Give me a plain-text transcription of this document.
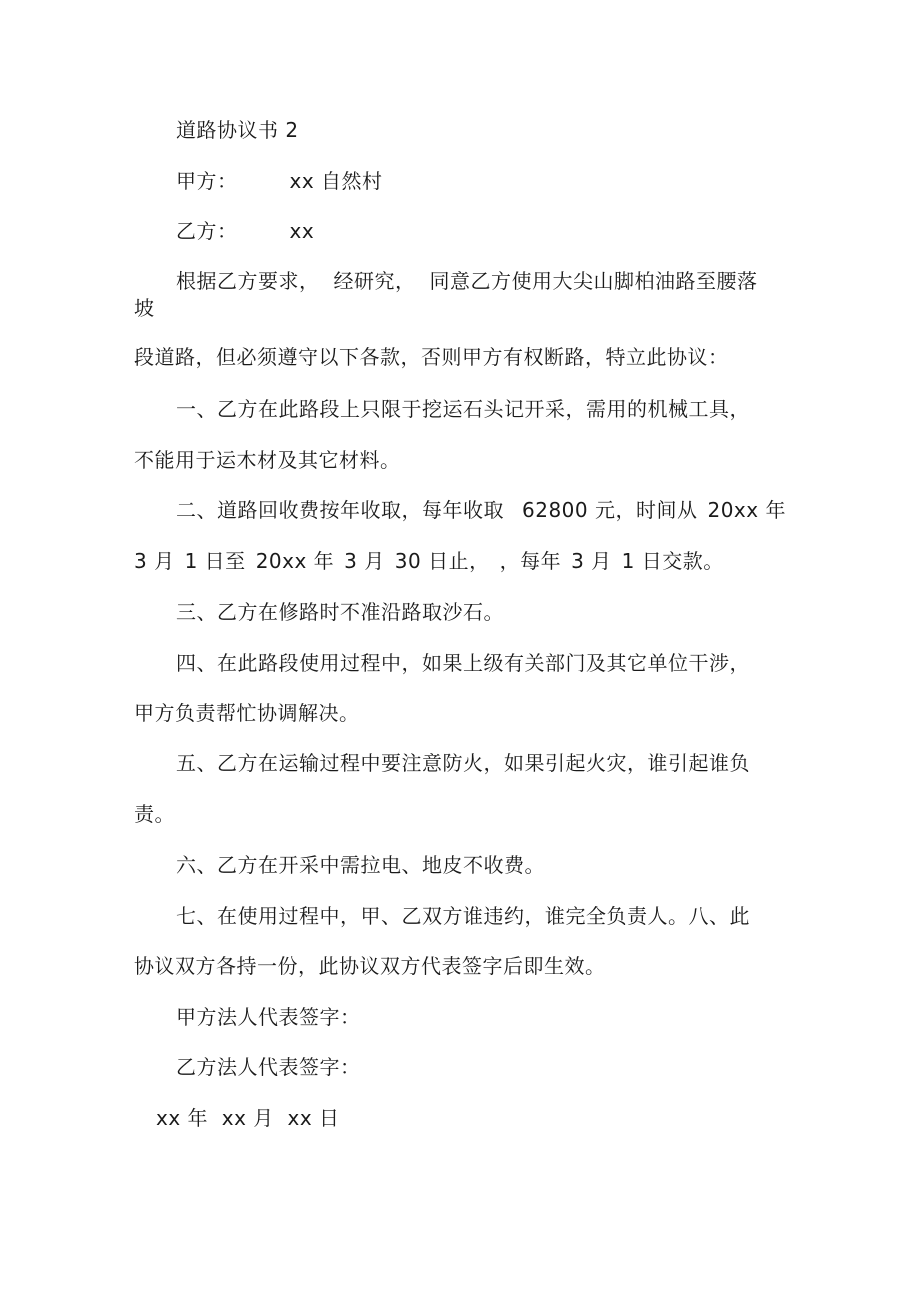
道路协议书 2
甲方：	xx 自然村
乙方：	xx
根据乙方要求， 经研究， 同意乙方使用大尖山脚柏油路至腰落
坡
段道路，但必须遵守以下各款，否则甲方有权断路，特立此协议：
一、乙方在此路段上只限于挖运石头记开采，需用的机械工具，
不能用于运木材及其它材料。
二、道路回收费按年收取，每年收取 62800 元，时间从 20xx 年
3 月 1 日至 20xx 年 3 月 30 日止， ，每年 3 月 1 日交款。
三、乙方在修路时不准沿路取沙石。
四、在此路段使用过程中，如果上级有关部门及其它单位干涉，
甲方负责帮忙协调解决。
五、乙方在运输过程中要注意防火，如果引起火灾，谁引起谁负
责。
六、乙方在开采中需拉电、地皮不收费。
七、在使用过程中，甲、乙双方谁违约，谁完全负责人。八、此
协议双方各持一份，此协议双方代表签字后即生效。
甲方法人代表签字：
乙方法人代表签字：
xx 年  xx 月  xx 日
